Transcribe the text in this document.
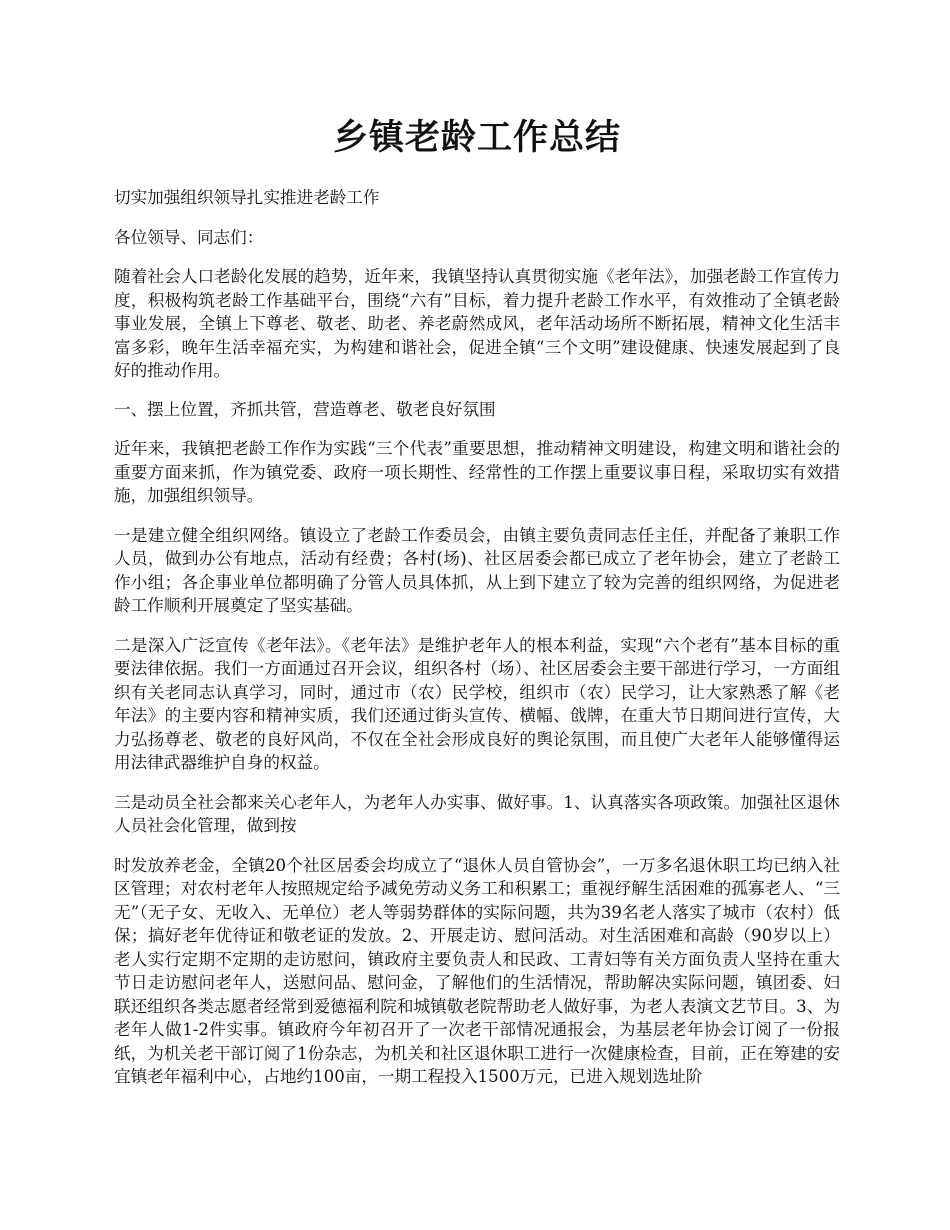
乡镇老龄工作总结

切实加强组织领导扎实推进老龄工作

各位领导、同志们：

随着社会人口老龄化发展的趋势，近年来，我镇坚持认真贯彻实施《老年法》，加强老龄工作宣传力度，积极构筑老龄工作基础平台，围绕“六有”目标，着力提升老龄工作水平，有效推动了全镇老龄事业发展，全镇上下尊老、敬老、助老、养老蔚然成风，老年活动场所不断拓展，精神文化生活丰富多彩，晚年生活幸福充实，为构建和谐社会，促进全镇“三个文明”建设健康、快速发展起到了良好的推动作用。

一、摆上位置，齐抓共管，营造尊老、敬老良好氛围

近年来，我镇把老龄工作作为实践“三个代表”重要思想，推动精神文明建设，构建文明和谐社会的重要方面来抓，作为镇党委、政府一项长期性、经常性的工作摆上重要议事日程，采取切实有效措施，加强组织领导。

一是建立健全组织网络。镇设立了老龄工作委员会，由镇主要负责同志任主任，并配备了兼职工作人员，做到办公有地点，活动有经费；各村(场)、社区居委会都已成立了老年协会，建立了老龄工作小组；各企事业单位都明确了分管人员具体抓，从上到下建立了较为完善的组织网络，为促进老龄工作顺利开展奠定了坚实基础。

二是深入广泛宣传《老年法》。《老年法》是维护老年人的根本利益，实现“六个老有”基本目标的重要法律依据。我们一方面通过召开会议，组织各村（场）、社区居委会主要干部进行学习，一方面组织有关老同志认真学习，同时，通过市（农）民学校，组织市（农）民学习，让大家熟悉了解《老年法》的主要内容和精神实质，我们还通过街头宣传、横幅、戗牌，在重大节日期间进行宣传，大力弘扬尊老、敬老的良好风尚，不仅在全社会形成良好的舆论氛围，而且使广大老年人能够懂得运用法律武器维护自身的权益。

三是动员全社会都来关心老年人，为老年人办实事、做好事。1、认真落实各项政策。加强社区退休人员社会化管理，做到按

时发放养老金，全镇20个社区居委会均成立了“退休人员自管协会”，一万多名退休职工均已纳入社区管理；对农村老年人按照规定给予减免劳动义务工和积累工；重视纾解生活困难的孤寡老人、“三无”（无子女、无收入、无单位）老人等弱势群体的实际问题，共为39名老人落实了城市（农村）低保；搞好老年优待证和敬老证的发放。2、开展走访、慰问活动。对生活困难和高龄（90岁以上）老人实行定期不定期的走访慰问，镇政府主要负责人和民政、工青妇等有关方面负责人坚持在重大节日走访慰问老年人，送慰问品、慰问金，了解他们的生活情况，帮助解决实际问题，镇团委、妇联还组织各类志愿者经常到爱德福利院和城镇敬老院帮助老人做好事，为老人表演文艺节目。3、为老年人做1-2件实事。镇政府今年初召开了一次老干部情况通报会，为基层老年协会订阅了一份报纸，为机关老干部订阅了1份杂志，为机关和社区退休职工进行一次健康检查，目前，正在筹建的安宜镇老年福利中心，占地约100亩，一期工程投入1500万元，已进入规划选址阶
